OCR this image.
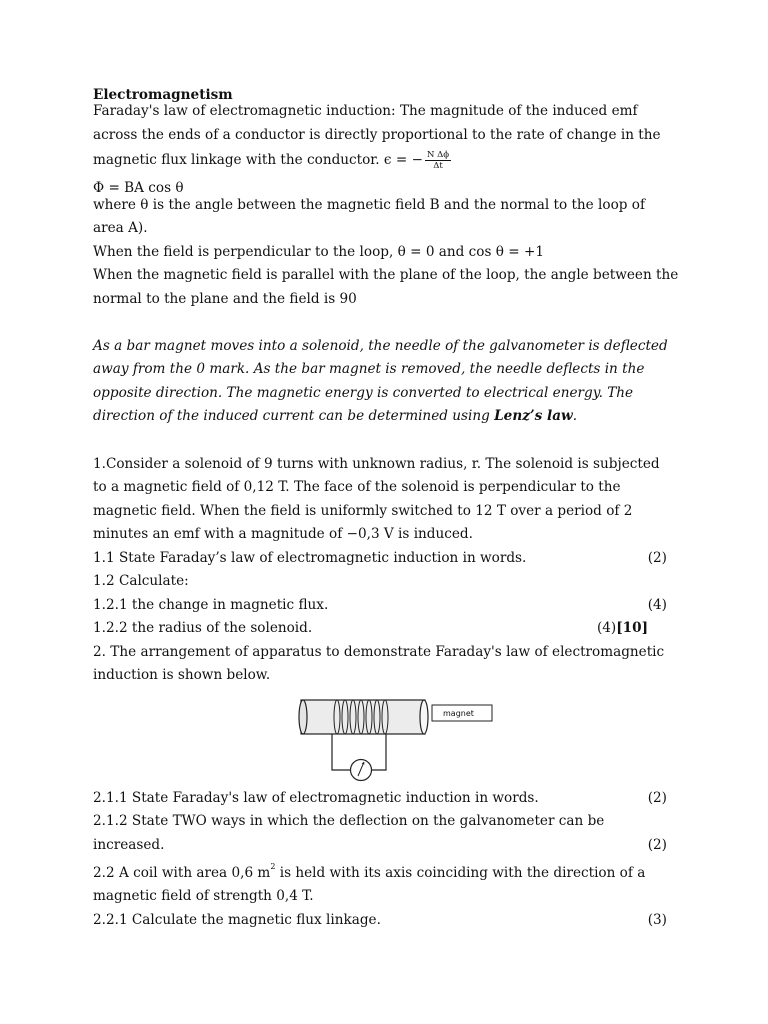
Electromagnetism
Faraday's law of electromagnetic induction: The magnitude of the induced emf
across the ends of a conductor is directly proportional to the rate of change in the
magnetic flux linkage with the conductor. ϵ = − $\frac{\text{N Δϕ}}{\Delta t}$
Φ = BA cos θ
where θ is the angle between the magnetic field B and the normal to the loop of
area A).
When the field is perpendicular to the loop, θ = 0 and cos θ = +1
When the magnetic field is parallel with the plane of the loop, the angle between the
normal to the plane and the field is 90
As a bar magnet moves into a solenoid, the needle of the galvanometer is deflected
away from the 0 mark. As the bar magnet is removed, the needle deflects in the
opposite direction. The magnetic energy is converted to electrical energy. The
direction of the induced current can be determined using Lenz’s law.
1.Consider a solenoid of 9 turns with unknown radius, r. The solenoid is subjected
to a magnetic field of 0,12 T. The face of the solenoid is perpendicular to the
magnetic field. When the field is uniformly switched to 12 T over a period of 2
minutes an emf with a magnitude of −0,3 V is induced.
1.1 State Faraday’s law of electromagnetic induction in words.	(2)
1.2 Calculate:
1.2.1 the change in magnetic flux.	(4)
1.2.2 the radius of the solenoid.	(4)[10]
2. The arrangement of apparatus to demonstrate Faraday's law of electromagnetic
induction is shown below.
2.1.1 State Faraday's law of electromagnetic induction in words.	(2)
2.1.2 State TWO ways in which the deflection on the galvanometer can be
increased.	(2)
2.2 A coil with area 0,6 $m^2$ is held with its axis coinciding with the direction of a
magnetic field of strength 0,4 T.
2.2.1 Calculate the magnetic flux linkage.	(3)
magnet
